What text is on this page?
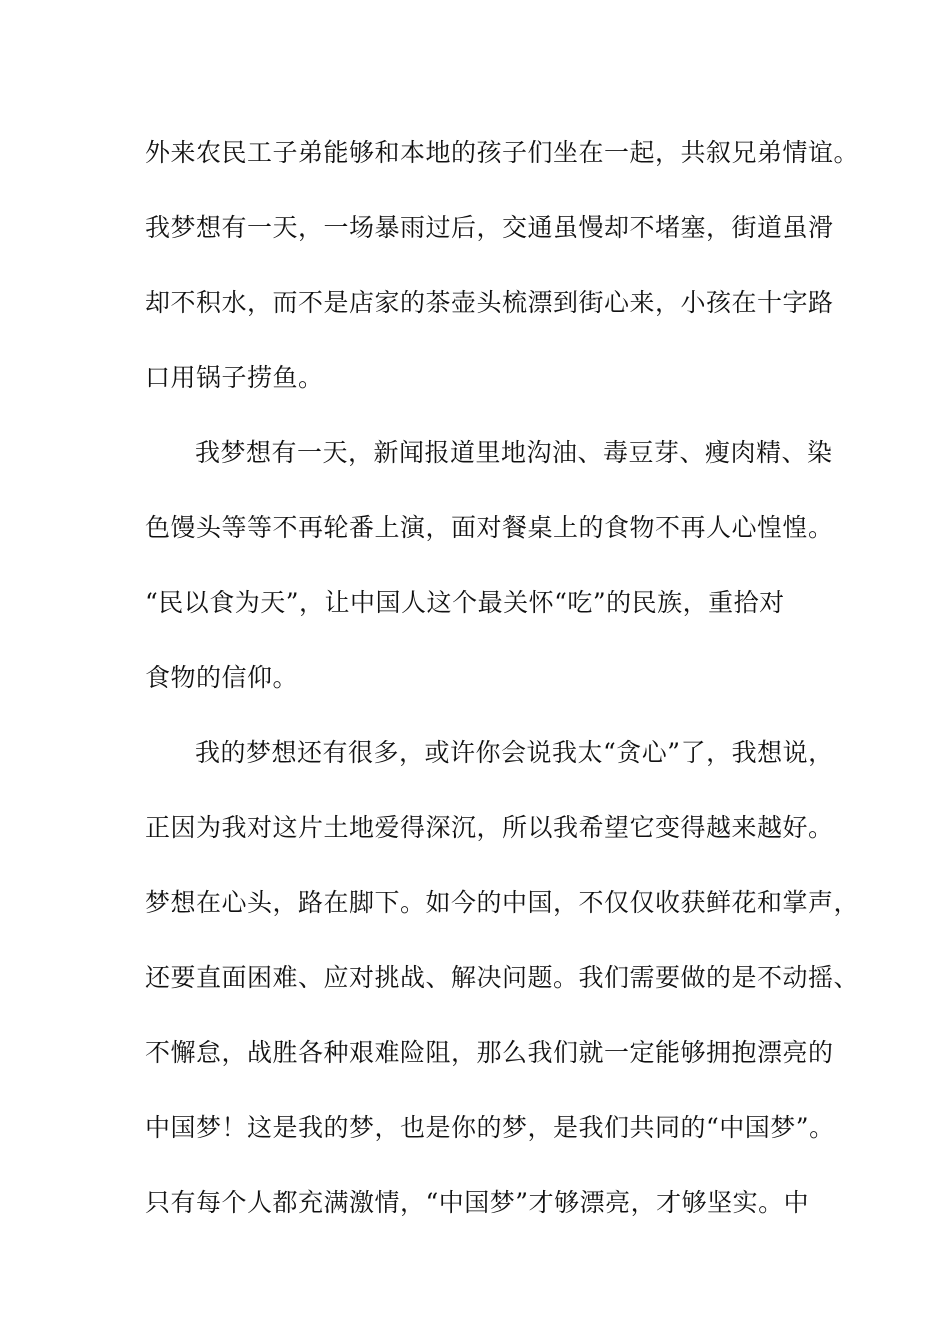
外来农民工子弟能够和本地的孩子们坐在一起，共叙兄弟情谊。
我梦想有一天，一场暴雨过后，交通虽慢却不堵塞，街道虽滑
却不积水，而不是店家的茶壶头梳漂到街心来，小孩在十字路
口用锅子捞鱼。
我梦想有一天，新闻报道里地沟油、毒豆芽、瘦肉精、染
色馒头等等不再轮番上演，面对餐桌上的食物不再人心惶惶。
“民以食为天”，让中国人这个最关怀“吃”的民族，重拾对
食物的信仰。
我的梦想还有很多，或许你会说我太“贪心”了，我想说，
正因为我对这片土地爱得深沉，所以我希望它变得越来越好。
梦想在心头，路在脚下。如今的中国，不仅仅收获鲜花和掌声，
还要直面困难、应对挑战、解决问题。我们需要做的是不动摇、
不懈怠，战胜各种艰难险阻，那么我们就一定能够拥抱漂亮的
中国梦！这是我的梦，也是你的梦，是我们共同的“中国梦”。
只有每个人都充满激情，“中国梦”才够漂亮，才够坚实。中
